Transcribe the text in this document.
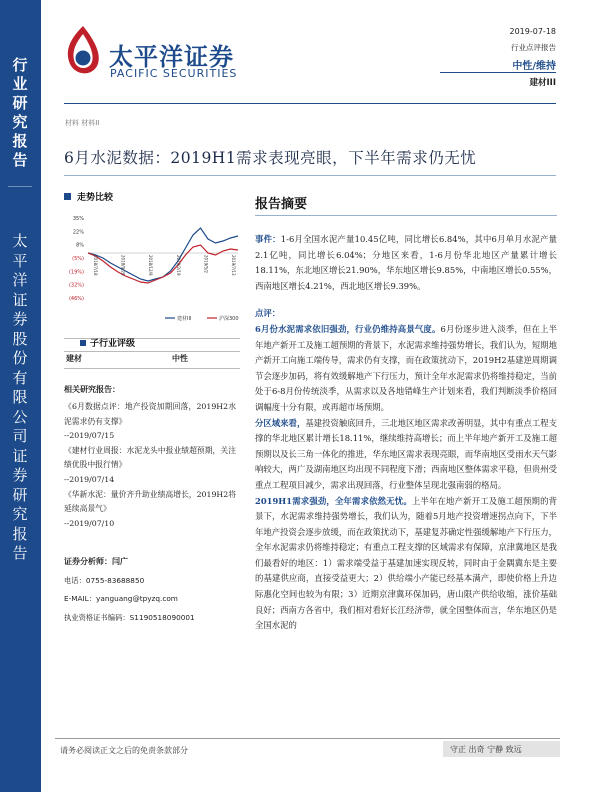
行业研究报告
太平洋证券股份有限公司证券研究报告
太平洋证券
PACIFIC SECURITIES
2019-07-18
行业点评报告
中性/维持
建材III
材料 材料II
6月水泥数据：2019H1需求表现亮眼，下半年需求仍无忧
走势比较
35%
22%
8%
(5%)
(19%)
(32%)
(46%)
2018/7/18	2018/9/28	2018/12/9	2019/2/19	2019/5/2	2019/7/13
建材III	沪深300
子行业评级
建材	中性
相关研究报告：
《6月数据点评：地产投资加期回落，2019H2水泥需求仍有支撑》
--2019/07/15
《建材行业周报：水泥龙头中报业绩超预期，关注绩优股中报行情》
--2019/07/14
《华新水泥：量价齐升助业绩高增长，2019H2将延续高景气》
--2019/07/10
证券分析师：闫广
电话：0755-83688850
E-MAIL：yanguang@tpyzq.com
执业资格证书编码：S1190518090001
报告摘要

事件：1-6月全国水泥产量10.45亿吨，同比增长6.84%，其中6月单月水泥产量2.1亿吨，同比增长6.04%；分地区来看，1-6月份华北地区产量累计增长18.11%，东北地区增长21.90%，华东地区增长9.85%，中南地区增长0.55%，西南地区增长4.21%，西北地区增长9.39%。

点评：

6月份水泥需求依旧强劲，行业仍维持高景气度。6月份逐步进入淡季，但在上半年地产新开工及施工超预期的背景下，水泥需求维持强势增长，我们认为，短期地产新开工向施工端传导，需求仍有支撑，而在政策扰动下，2019H2基建逆周期调节会逐步加码，将有效缓解地产下行压力，预计全年水泥需求仍将维持稳定，当前处于6-8月份传统淡季，从需求以及各地错峰生产计划来看，我们判断淡季价格回调幅度十分有限，或再超市场预期。

分区域来看，基建投资触底回升，三北地区地区需求改善明显，其中有重点工程支撑的华北地区累计增长18.11%，继续维持高增长；而上半年地产新开工及施工超预期以及长三角一体化的推进，华东地区需求表现亮眼，而华南地区受雨水天气影响较大，两广及湖南地区均出现不同程度下滑；西南地区整体需求平稳，但贵州受重点工程项目减少，需求出现回落，行业整体呈现北强南弱的格局。

2019H1需求强劲，全年需求依然无忧。上半年在地产新开工及施工超预期的背景下，水泥需求维持强势增长，我们认为，随着5月地产投资增速拐点向下，下半年地产投资会逐步放缓，而在政策扰动下，基建复苏确定性强缓解地产下行压力，全年水泥需求仍将维持稳定；有重点工程支撑的区域需求有保障，京津冀地区是我们最看好的地区：1）需求端受益于基建加速实现反转，同时由于金隅冀东是主要的基建供应商，直接受益更大；2）供给端小产能已经基本满产，即使价格上升边际惠化空间也较为有限；3）近期京津冀环保加码，唐山限产供给收缩，涨价基础良好；西南方各省中，我们相对看好长江经济带，就全国整体而言，华东地区仍是全国水泥的

请务必阅读正文之后的免责条款部分	守正 出奇 宁静 致远
